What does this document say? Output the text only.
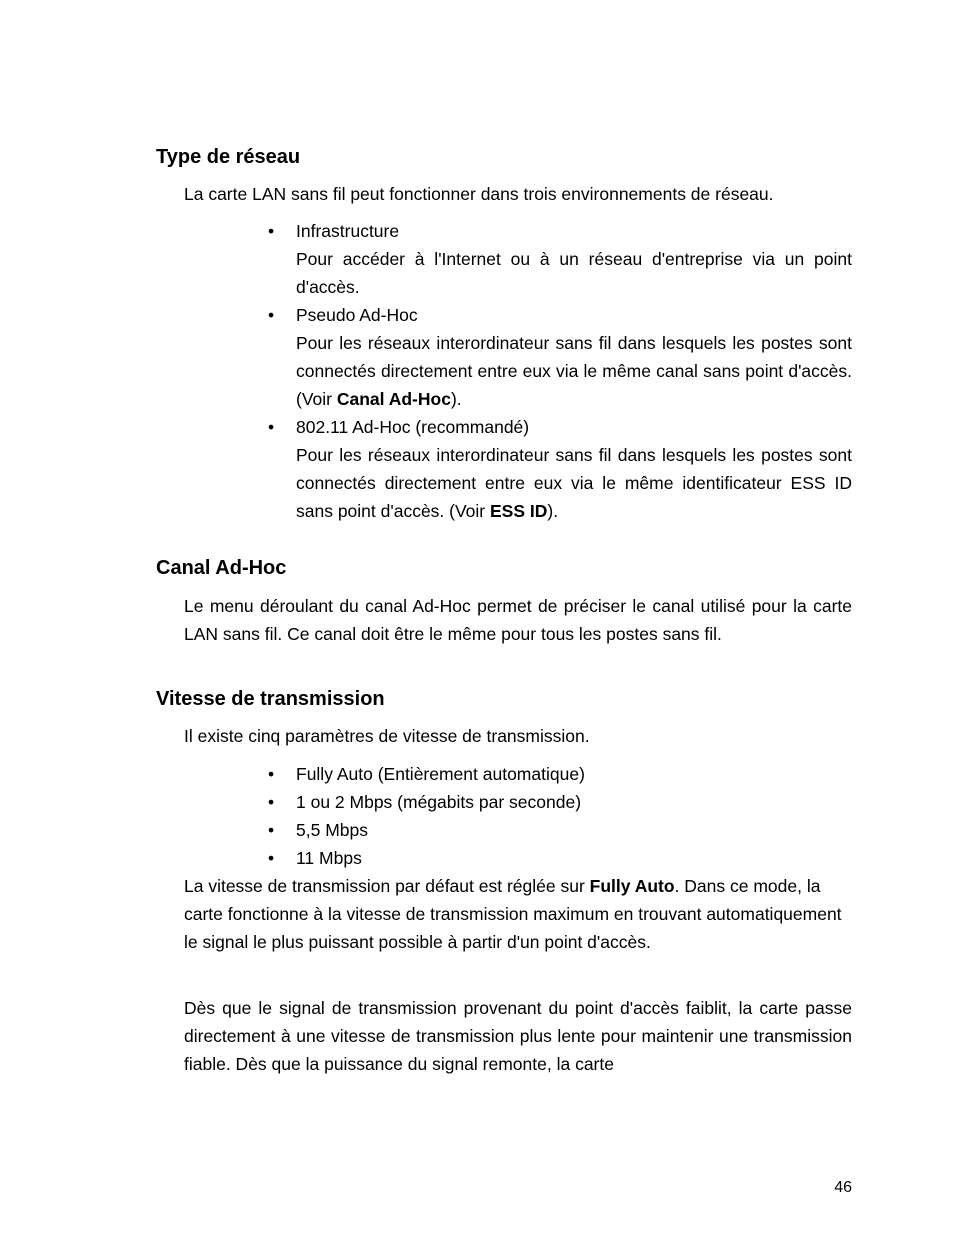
Type de réseau

La carte LAN sans fil peut fonctionner dans trois environnements de réseau.

•	Infrastructure
Pour accéder à l'Internet ou à un réseau d'entreprise via un point d'accès.
•	Pseudo Ad-Hoc
Pour les réseaux interordinateur sans fil dans lesquels les postes sont connectés directement entre eux via le même canal sans point d'accès. (Voir Canal Ad-Hoc).
•	802.11 Ad-Hoc (recommandé)
Pour les réseaux interordinateur sans fil dans lesquels les postes sont connectés directement entre eux via le même identificateur ESS ID sans point d'accès. (Voir ESS ID).
Canal Ad-Hoc

Le menu déroulant du canal Ad-Hoc permet de préciser le canal utilisé pour la carte LAN sans fil. Ce canal doit être le même pour tous les postes sans fil.

Vitesse de transmission

Il existe cinq paramètres de vitesse de transmission.

•	Fully Auto (Entièrement automatique)
•	1 ou 2 Mbps (mégabits par seconde)
•	5,5 Mbps
•	11 Mbps

La vitesse de transmission par défaut est réglée sur Fully Auto. Dans ce mode, la carte fonctionne à la vitesse de transmission maximum en trouvant automatiquement le signal le plus puissant possible à partir d'un point d'accès.

Dès que le signal de transmission provenant du point d'accès faiblit, la carte passe directement à une vitesse de transmission plus lente pour maintenir une transmission fiable. Dès que la puissance du signal remonte, la carte

46
